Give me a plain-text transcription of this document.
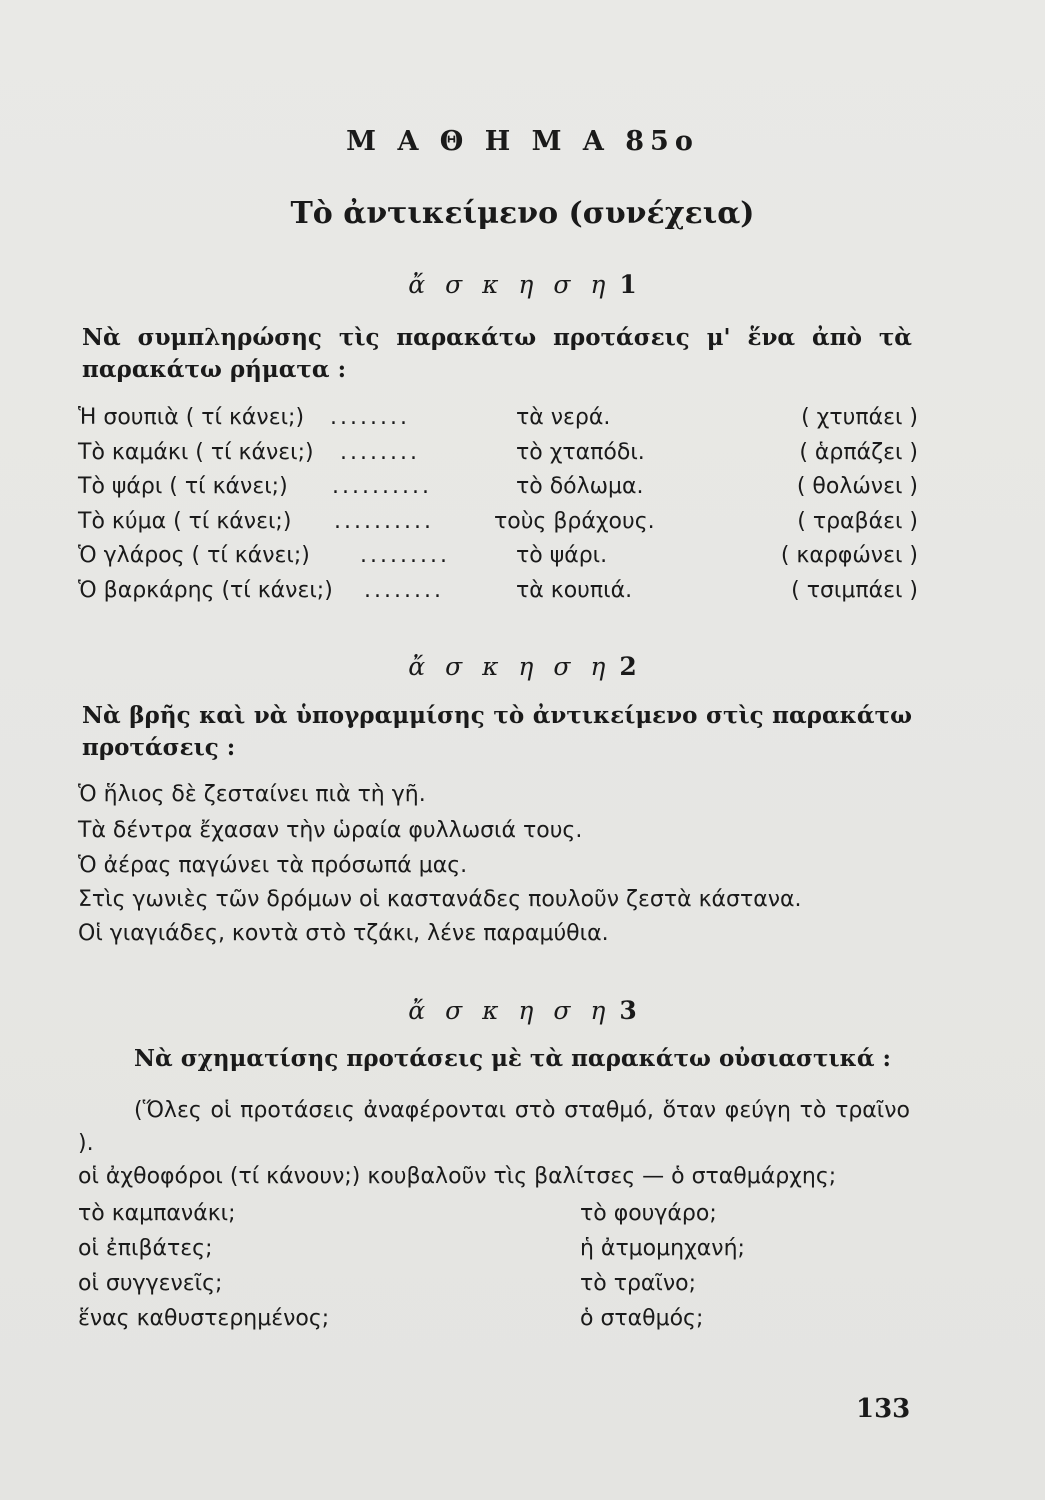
Μ Α Θ Η Μ Α 85ο
Τὸ ἀντικείμενο (συνέχεια)
ἄ σ κ η σ η 1
Νὰ συμπληρώσης τὶς παρακάτω προτάσεις μ' ἕνα ἀπὸ τὰ παρακάτω ρήματα :
Ἡ σουπιὰ ( τί κάνει;) ........	τὰ νερά.	( χτυπάει )
Τὸ καμάκι ( τί κάνει;) ........	τὸ χταπόδι.	( ἁρπάζει )
Τὸ ψάρι ( τί κάνει;) ..........	τὸ δόλωμα.	( θολώνει )
Τὸ κύμα ( τί κάνει;) ..........	τοὺς βράχους.	( τραβάει )
Ὁ γλάρος ( τί κάνει;) .........	τὸ ψάρι.	( καρφώνει )
Ὁ βαρκάρης (τί κάνει;) ........	τὰ κουπιά.	( τσιμπάει )
ἄ σ κ η σ η 2
Νὰ βρῆς καὶ νὰ ὑπογραμμίσης τὸ ἀντικείμενο στὶς παρακάτω προτάσεις :
Ὁ ἥλιος δὲ ζεσταίνει πιὰ τὴ γῆ.
Τὰ δέντρα ἔχασαν τὴν ὡραία φυλλωσιά τους.
Ὁ ἀέρας παγώνει τὰ πρόσωπά μας.
Στὶς γωνιὲς τῶν δρόμων οἱ καστανάδες πουλοῦν ζεστὰ κάστανα.
Οἱ γιαγιάδες, κοντὰ στὸ τζάκι, λένε παραμύθια.
ἄ σ κ η σ η 3
Νὰ σχηματίσης προτάσεις μὲ τὰ παρακάτω οὐσιαστικά :
(Ὅλες οἱ προτάσεις ἀναφέρονται στὸ σταθμό, ὅταν φεύγη τὸ τραῖνο ).
οἱ ἀχθοφόροι (τί κάνουν;) κουβαλοῦν τὶς βαλίτσες — ὁ σταθμάρχης;
τὸ καμπανάκι;	τὸ φουγάρο;
οἱ ἐπιβάτες;	ἡ ἀτμομηχανή;
οἱ συγγενεῖς;	τὸ τραῖνο;
ἕνας καθυστερημένος;	ὁ σταθμός;
133
